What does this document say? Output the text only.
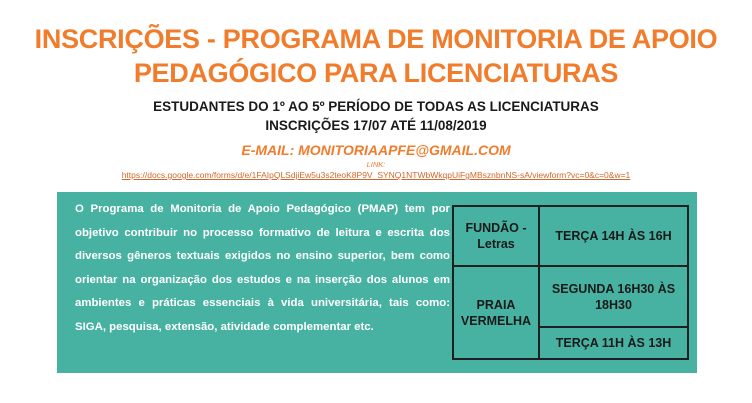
INSCRIÇÕES - PROGRAMA DE MONITORIA DE APOIO
PEDAGÓGICO PARA LICENCIATURAS
ESTUDANTES DO 1º AO 5º PERÍODO DE TODAS AS LICENCIATURAS
INSCRIÇÕES 17/07 ATÉ 11/08/2019
E-MAIL: MONITORIAAPFE@GMAIL.COM
LINK:
https://docs.google.com/forms/d/e/1FAIpQLSdjiEw5u3s2teoK8P9V_SYNQ1NTWbWkqpUiFgMBsznbnNS-sA/viewform?vc=0&c=0&w=1

O Programa de Monitoria de Apoio Pedagógico (PMAP) tem por objetivo contribuir no processo formativo de leitura e escrita dos diversos gêneros textuais exigidos no ensino superior, bem como orientar na organização dos estudos e na inserção dos alunos em ambientes e práticas essenciais à vida universitária, tais como: SIGA, pesquisa, extensão, atividade complementar etc.

FUNDÃO - Letras	TERÇA 14H ÀS 16H
PRAIA VERMELHA	SEGUNDA 16H30 ÀS 18H30
	TERÇA 11H ÀS 13H
